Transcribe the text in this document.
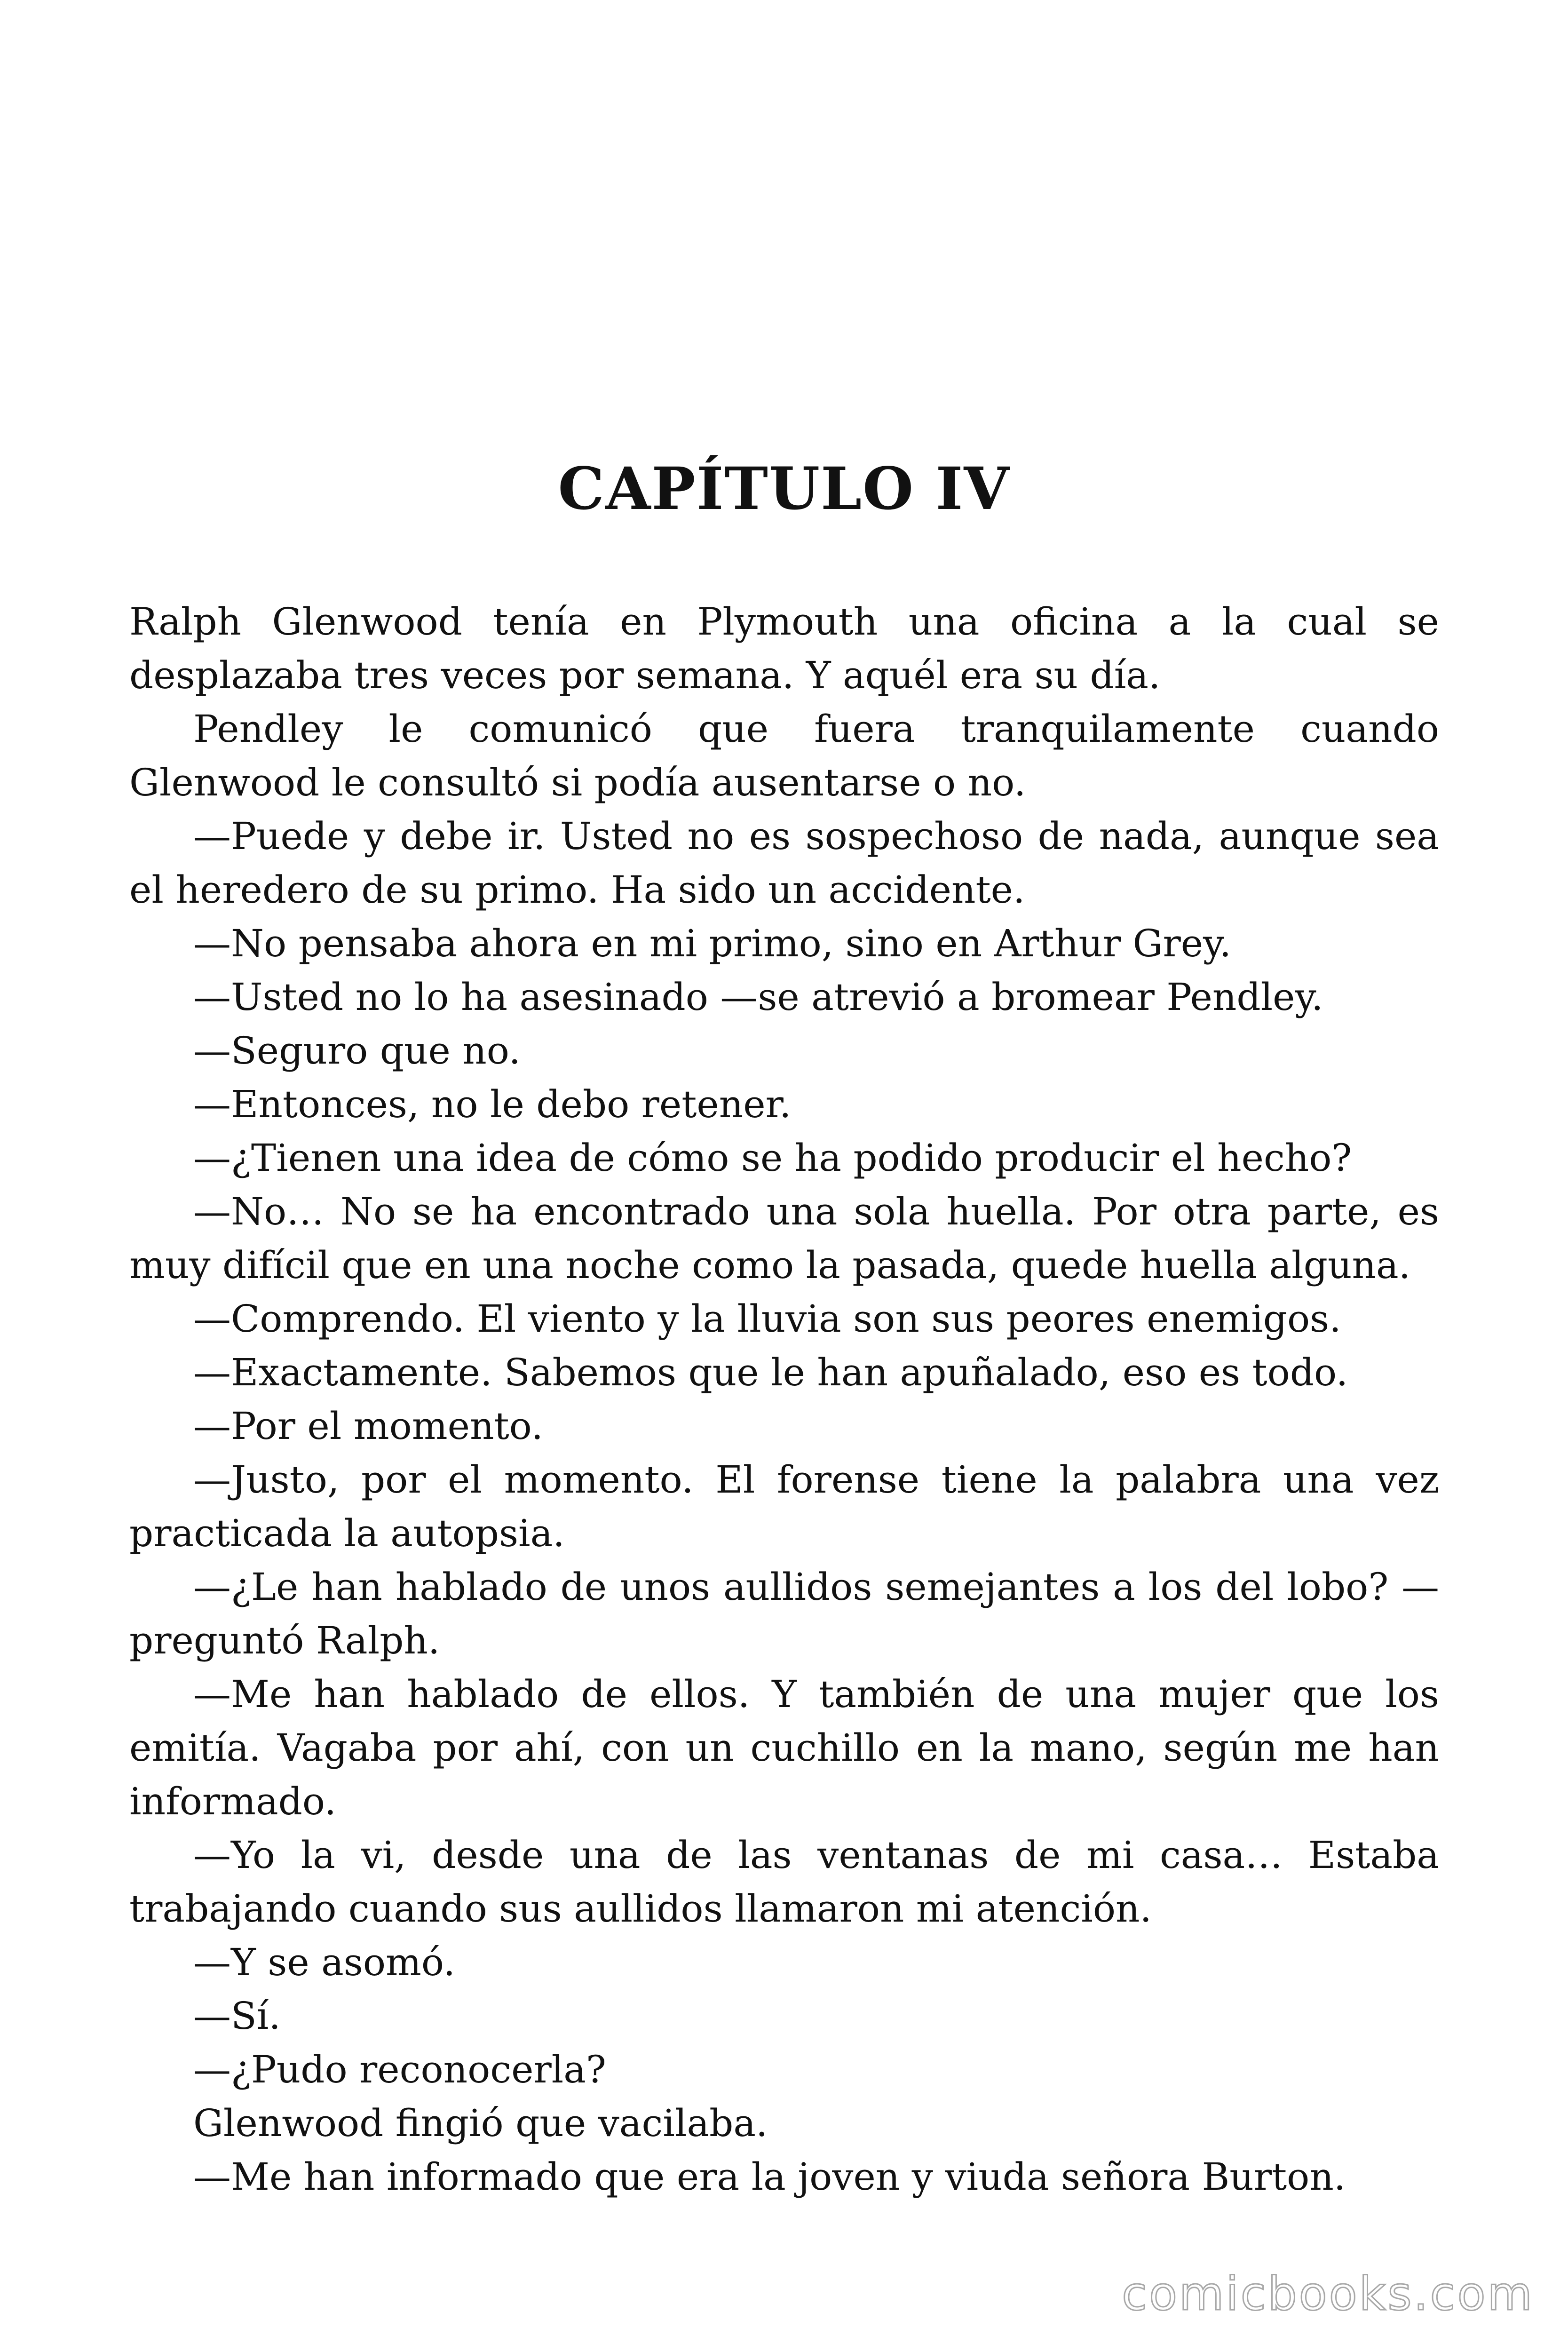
CAPÍTULO IV

Ralph Glenwood tenía en Plymouth una oficina a la cual se desplazaba tres veces por semana. Y aquél era su día.

Pendley le comunicó que fuera tranquilamente cuando Glenwood le consultó si podía ausentarse o no.

—Puede y debe ir. Usted no es sospechoso de nada, aunque sea el heredero de su primo. Ha sido un accidente.

—No pensaba ahora en mi primo, sino en Arthur Grey.

—Usted no lo ha asesinado —se atrevió a bromear Pendley.

—Seguro que no.

—Entonces, no le debo retener.

—¿Tienen una idea de cómo se ha podido producir el hecho?

—No… No se ha encontrado una sola huella. Por otra parte, es muy difícil que en una noche como la pasada, quede huella alguna.

—Comprendo. El viento y la lluvia son sus peores enemigos.

—Exactamente. Sabemos que le han apuñalado, eso es todo.

—Por el momento.

—Justo, por el momento. El forense tiene la palabra una vez practicada la autopsia.

—¿Le han hablado de unos aullidos semejantes a los del lobo? —preguntó Ralph.

—Me han hablado de ellos. Y también de una mujer que los emitía. Vagaba por ahí, con un cuchillo en la mano, según me han informado.

—Yo la vi, desde una de las ventanas de mi casa… Estaba trabajando cuando sus aullidos llamaron mi atención.

—Y se asomó.

—Sí.

—¿Pudo reconocerla?

Glenwood fingió que vacilaba.

—Me han informado que era la joven y viuda señora Burton.

comicbooks.com
